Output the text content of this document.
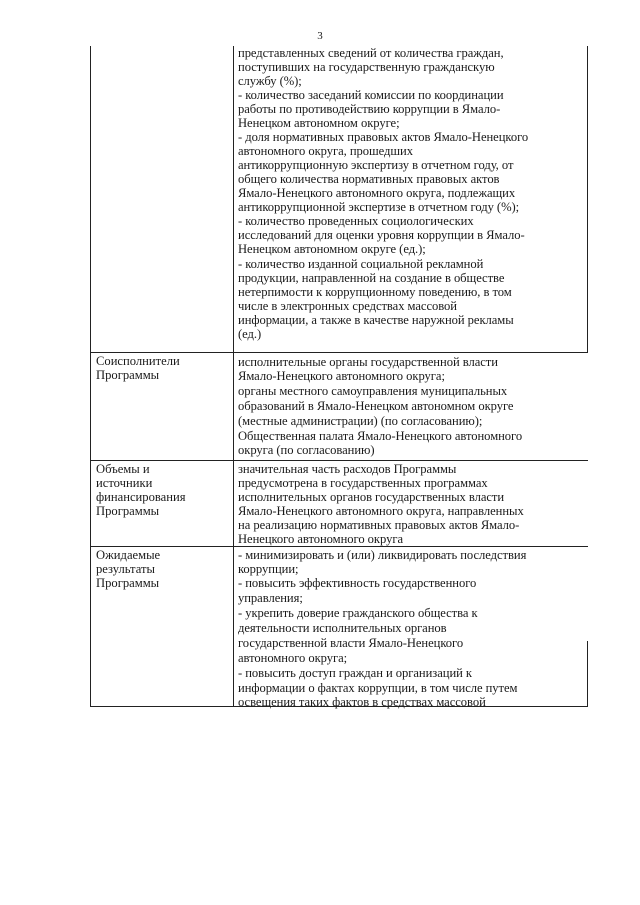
3
представленных сведений от количества граждан,
поступивших на государственную гражданскую
службу (%);
- количество заседаний комиссии по координации
работы по противодействию коррупции в Ямало-
Ненецком автономном округе;
- доля нормативных правовых актов Ямало-Ненецкого
автономного округа, прошедших
антикоррупционную экспертизу в отчетном году, от
общего количества нормативных правовых актов
Ямало-Ненецкого автономного округа, подлежащих
антикоррупционной экспертизе в отчетном году (%);
- количество проведенных социологических
исследований для оценки уровня коррупции в Ямало-
Ненецком автономном округе (ед.);
- количество изданной социальной рекламной
продукции, направленной на создание в обществе
нетерпимости к коррупционному поведению, в том
числе в электронных средствах массовой
информации, а также в качестве наружной рекламы
(ед.)
Соисполнители
Программы
исполнительные органы государственной власти
Ямало-Ненецкого автономного округа;
органы местного самоуправления муниципальных
образований в Ямало-Ненецком автономном округе
(местные администрации) (по согласованию);
Общественная палата Ямало-Ненецкого автономного
округа (по согласованию)
Объемы и
источники
финансирования
Программы
значительная часть расходов Программы
предусмотрена в государственных программах
исполнительных органов государственных власти
Ямало-Ненецкого автономного округа, направленных
на реализацию нормативных правовых актов Ямало-
Ненецкого автономного округа
Ожидаемые
результаты
Программы
- минимизировать и (или) ликвидировать последствия
коррупции;
- повысить эффективность государственного
управления;
- укрепить доверие гражданского общества к
деятельности исполнительных органов
государственной власти Ямало-Ненецкого
автономного округа;
- повысить доступ граждан и организаций к
информации о фактах коррупции, в том числе путем
освещения таких фактов в средствах массовой
